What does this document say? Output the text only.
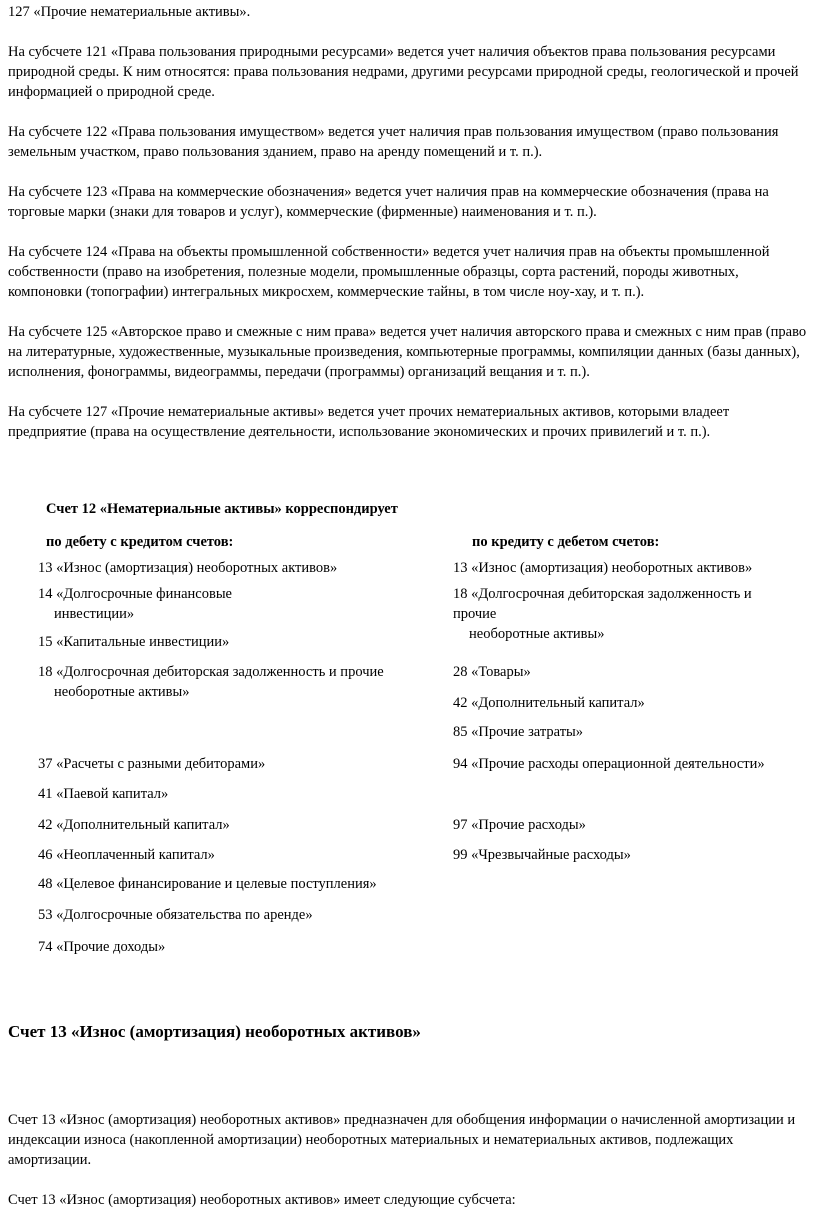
127 «Прочие нематериальные активы».

На субсчете 121 «Права пользования природными ресурсами» ведется учет наличия объектов права пользования ресурсами природной среды. К ним относятся: права пользования недрами, другими ресурсами природной среды, геологической и прочей информацией о природной среде.

На субсчете 122 «Права пользования имуществом» ведется учет наличия прав пользования имуществом (право пользования земельным участком, право пользования зданием, право на аренду помещений и т. п.).

На субсчете 123 «Права на коммерческие обозначения» ведется учет наличия прав на коммерческие обозначения (права на торговые марки (знаки для товаров и услуг), коммерческие (фирменные) наименования и т. п.).

На субсчете 124 «Права на объекты промышленной собственности» ведется учет наличия прав на объекты промышленной собственности (право на изобретения, полезные модели, промышленные образцы, сорта растений, породы животных, компоновки (топографии) интегральных микросхем, коммерческие тайны, в том числе ноу-хау, и т. п.).

На субсчете 125 «Авторское право и смежные с ним права» ведется учет наличия авторского права и смежных с ним прав (право на литературные, художественные, музыкальные произведения, компьютерные программы, компиляции данных (базы данных), исполнения, фонограммы, видеограммы, передачи (программы) организаций вещания и т. п.).

На субсчете 127 «Прочие нематериальные активы» ведется учет прочих нематериальных активов, которыми владеет предприятие (права на осуществление деятельности, использование экономических и прочих привилегий и т. п.).

Счет 12 «Нематериальные активы» корреспондирует
по дебету с кредитом счетов:	по кредиту с дебетом счетов:
13 «Износ (амортизация) необоротных активов»
14 «Долгосрочные финансовые
инвестиции»
15 «Капитальные инвестиции»
18 «Долгосрочная дебиторская задолженность и прочие
необоротные активы»
37 «Расчеты с разными дебиторами»
41 «Паевой капитал»
42 «Дополнительный капитал»
46 «Неоплаченный капитал»
48 «Целевое финансирование и целевые поступления»
53 «Долгосрочные обязательства по аренде»
74 «Прочие доходы»
13 «Износ (амортизация) необоротных активов»
18 «Долгосрочная дебиторская задолженность и прочие
необоротные активы»
28 «Товары»
42 «Дополнительный капитал»
85 «Прочие затраты»
94 «Прочие расходы операционной деятельности»
97 «Прочие расходы»
99 «Чрезвычайные расходы»
Счет 13 «Износ (амортизация) необоротных активов»

Счет 13 «Износ (амортизация) необоротных активов» предназначен для обобщения информации о начисленной амортизации и индексации износа (накопленной амортизации) необоротных материальных и нематериальных активов, подлежащих амортизации.

Счет 13 «Износ (амортизация) необоротных активов» имеет следующие субсчета:
